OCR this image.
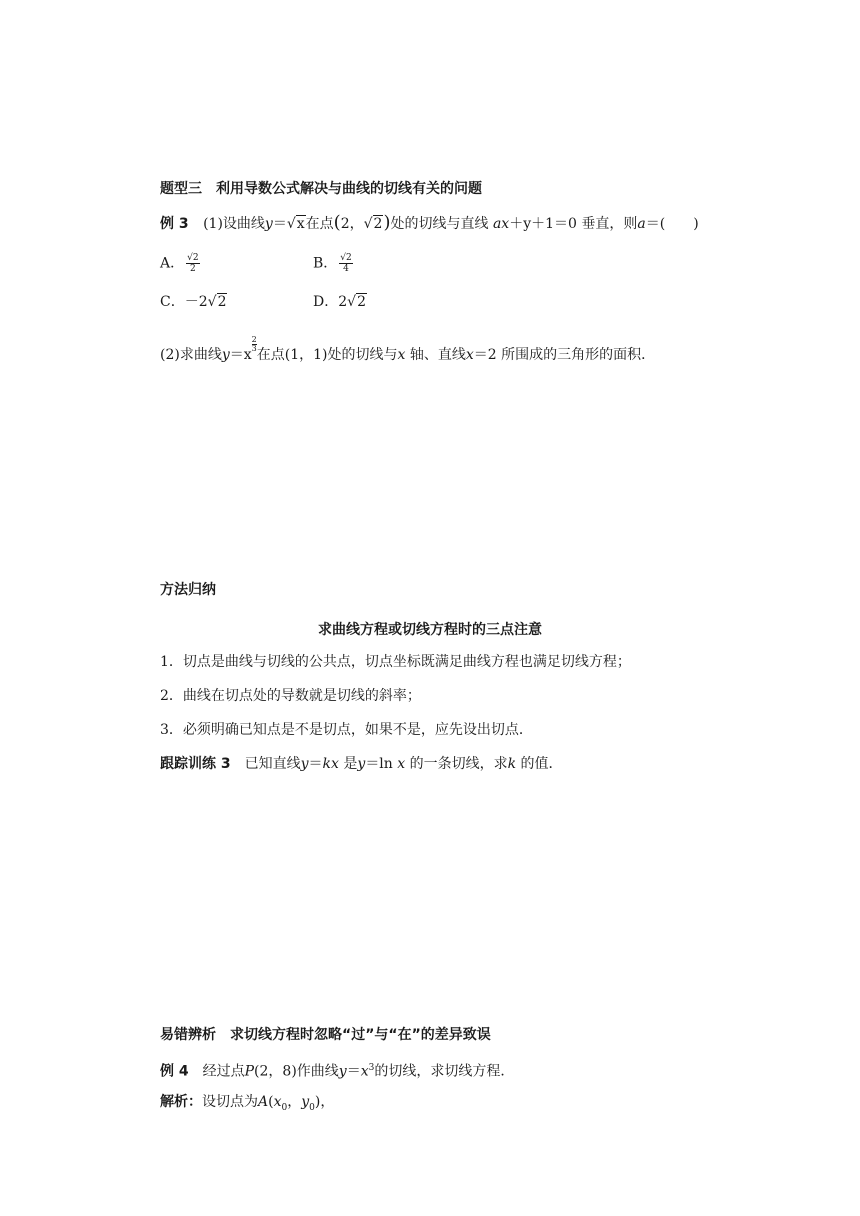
题型三　利用导数公式解决与曲线的切线有关的问题
例 3 (1)设曲线y＝√x在点(2，√2)处的切线与直线 ax＋y＋1＝0 垂直，则a＝(　　)
A． $\frac{√2}{2}$	B． $\frac{√2}{4}$
C．－2√2	D．2√2
(2)求曲线y＝x
$\frac{2}{3}$
在点(1，1)处的切线与x 轴、直线x＝2 所围成的三角形的面积．
方法归纳
求曲线方程或切线方程时的三点注意
1．切点是曲线与切线的公共点，切点坐标既满足曲线方程也满足切线方程；
2．曲线在切点处的导数就是切线的斜率；
3．必须明确已知点是不是切点，如果不是，应先设出切点．
跟踪训练 3　已知直线y＝kx 是y＝ln x 的一条切线，求k 的值．
易错辨析　求切线方程时忽略“过”与“在”的差异致误
例 4　经过点P(2，8)作曲线$y=x^3$的切线，求切线方程．
解析：设切点为$A(x_0$，$y_0$)，
